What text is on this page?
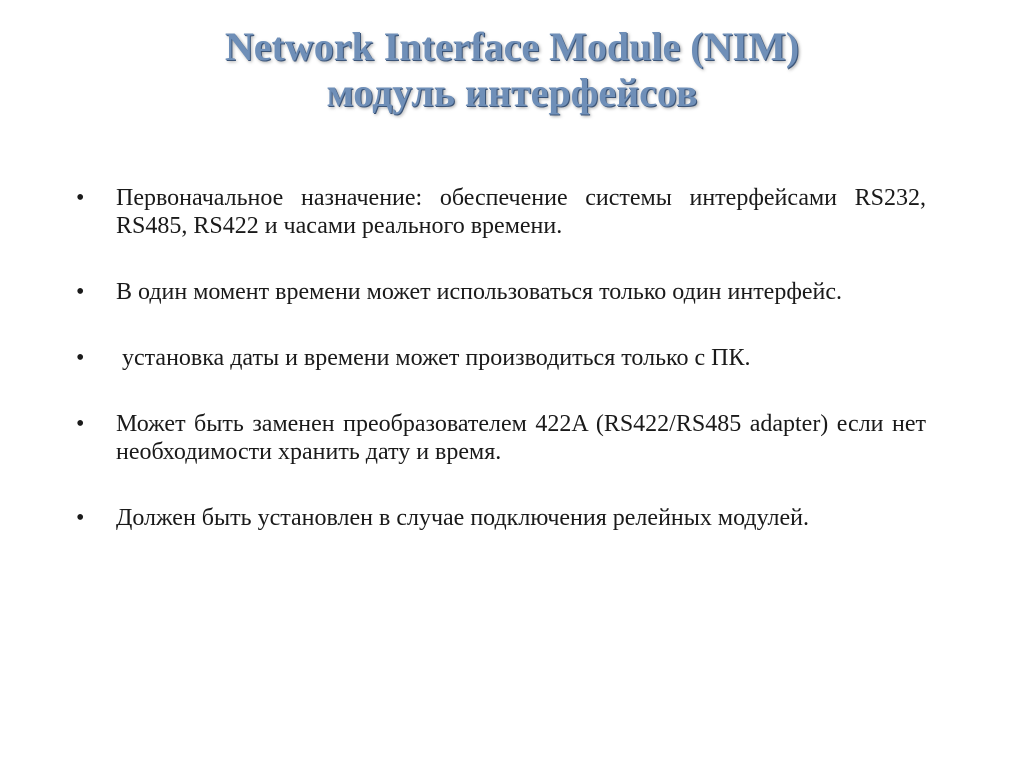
Network Interface Module (NIM)
модуль интерфейсов
•	Первоначальное назначение: обеспечение системы интерфейсами RS232, RS485, RS422 и часами реального времени.
•	В один момент времени может использоваться только один интерфейс.
•	установка даты и времени может производиться только с ПК.
•	Может быть заменен преобразователем 422A (RS422/RS485 adapter) если нет необходимости хранить дату и время.
•	Должен быть установлен в случае подключения релейных модулей.
